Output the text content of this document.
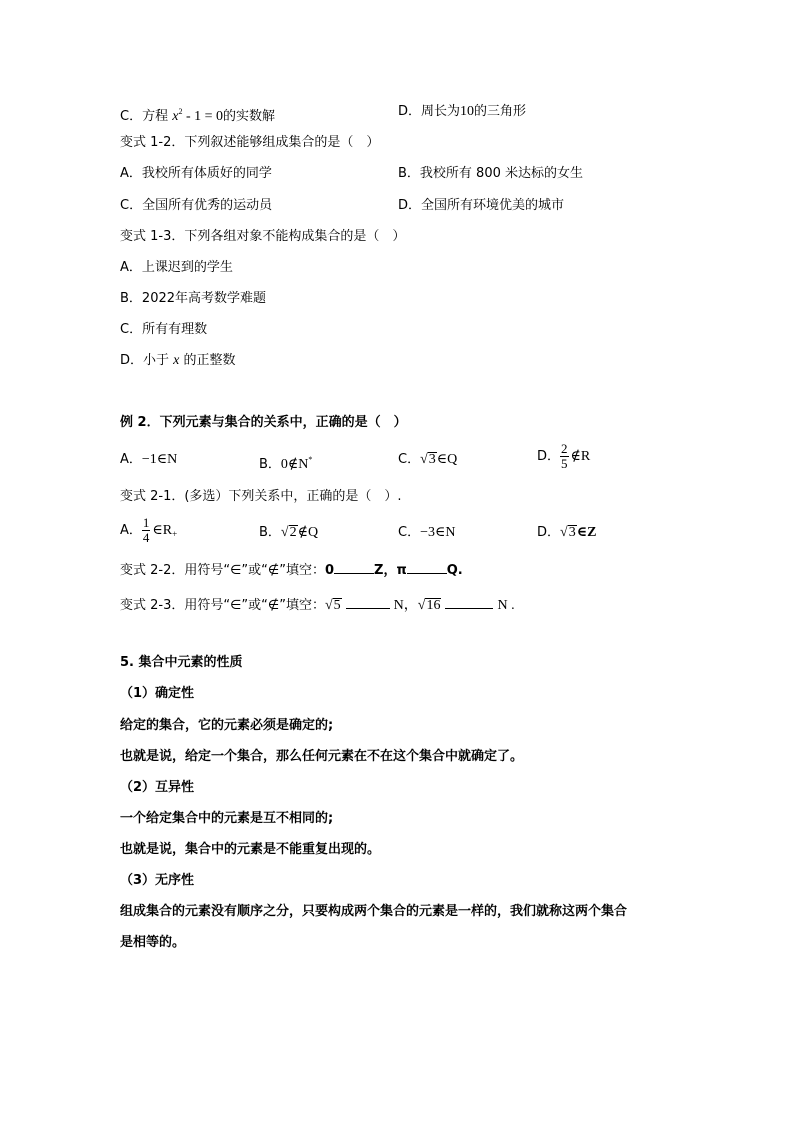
C．方程 $x^2 - 1 = 0$的实数解	D．周长为10的三角形
变式 1-2．下列叙述能够组成集合的是（　）
A．我校所有体质好的同学	B．我校所有 800 米达标的女生
C．全国所有优秀的运动员	D．全国所有环境优美的城市
变式 1-3．下列各组对象不能构成集合的是（　）
A．上课迟到的学生
B．2022年高考数学难题
C．所有有理数
D．小于 x 的正整数
例 2．下列元素与集合的关系中，正确的是（　）
A．−1∈N	B．0∉N*	C．√3∈Q	D． $\frac{2}{5}$ ∉R
变式 2-1．(多选）下列关系中，正确的是（　）.
A． $\frac{1}{4}$ $\in R_+$	B．√2∉Q	C．−3∈N	D．√3∈Z
变式 2-2．用符号“∈”或“∉”填空：0	Z，π	Q.
变式 2-3．用符号“∈”或“∉”填空：√5	N，√16	N .
5. 集合中元素的性质
（1）确定性
给定的集合，它的元素必须是确定的;
也就是说，给定一个集合，那么任何元素在不在这个集合中就确定了。
（2）互异性
一个给定集合中的元素是互不相同的;
也就是说，集合中的元素是不能重复出现的。
（3）无序性
组成集合的元素没有顺序之分，只要构成两个集合的元素是一样的，我们就称这两个集合
是相等的。
